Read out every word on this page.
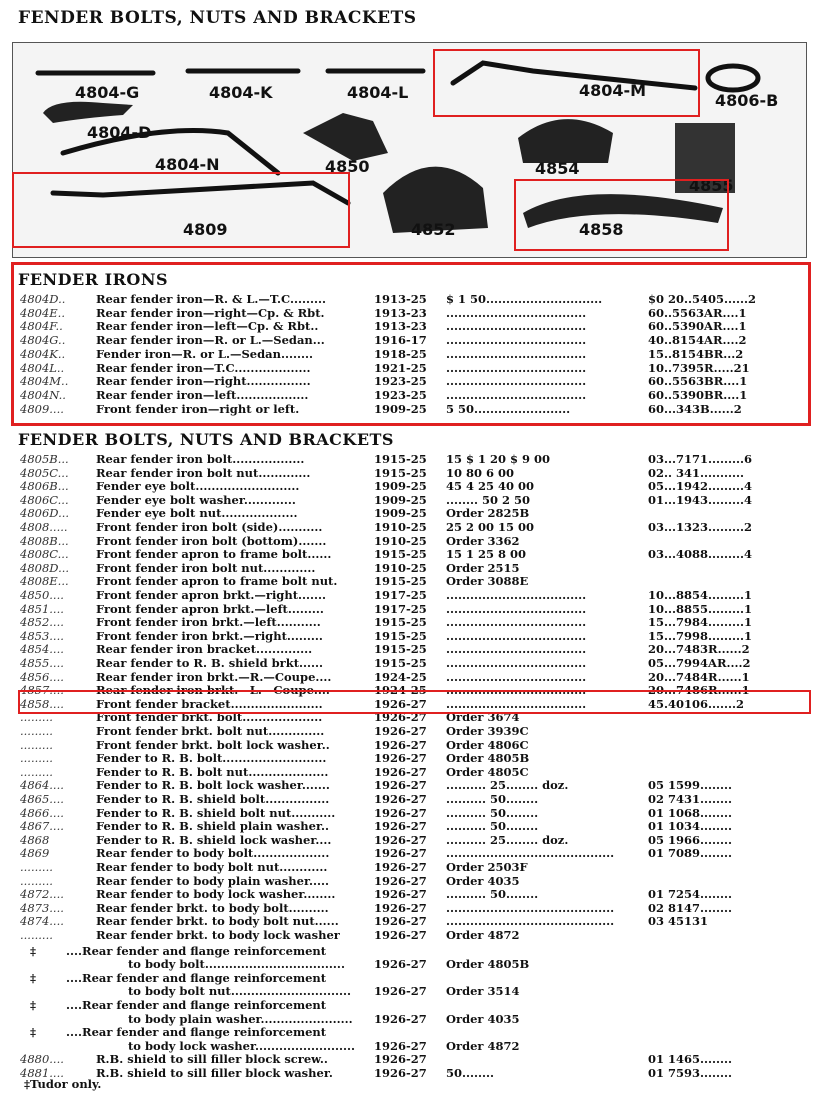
FENDER BOLTS, NUTS AND BRACKETS
4804-G	4804-K	4804-L	4804-M
4806-B
4804-D
4804-N	4850	4854
4855
4809	4852	4858
FENDER IRONS
4804D..	Rear fender iron—R. & L.—T.C.........	1913-25	$ 1 50.............................	$0 20..5405......2
4804E..	Rear fender iron—right—Cp. & Rbt.	1913-23	...................................	60..5563AR....1
4804F..	Rear fender iron—left—Cp. & Rbt..	1913-23	...................................	60..5390AR....1
4804G..	Rear fender iron—R. or L.—Sedan...	1916-17	...................................	40..8154AR....2
4804K..	Fender iron—R. or L.—Sedan........	1918-25	...................................	15..8154BR...2
4804L..	Rear fender iron—T.C...................	1921-25	...................................	10..7395R.....21
4804M..	Rear fender iron—right................	1923-25	...................................	60..5563BR....1
4804N..	Rear fender iron—left..................	1923-25	...................................	60..5390BR....1
4809....	Front fender iron—right or left.	1909-25	5 50........................	60...343B......2
FENDER BOLTS, NUTS AND BRACKETS
4805B...	Rear fender iron bolt..................	1915-25	15 $ 1 20 $ 9 00	03...7171.........6
4805C...	Rear fender iron bolt nut.............	1915-25	10 80 6 00	02.. 341...........
4806B...	Fender eye bolt..........................	1909-25	45 4 25 40 00	05...1942.........4
4806C...	Fender eye bolt washer.............	1909-25	........ 50 2 50	01...1943.........4
4806D...	Fender eye bolt nut...................	1909-25	Order 2825B
4808.....	Front fender iron bolt (side)...........	1910-25	25 2 00 15 00	03...1323.........2
4808B...	Front fender iron bolt (bottom).......	1910-25	Order 3362
4808C...	Front fender apron to frame bolt......	1915-25	15 1 25 8 00	03...4088.........4
4808D...	Front fender iron bolt nut.............	1910-25	Order 2515
4808E...	Front fender apron to frame bolt nut.	1915-25	Order 3088E
4850....	Front fender apron brkt.—right.......	1917-25	...................................	10...8854.........1
4851....	Front fender apron brkt.—left.........	1917-25	...................................	10...8855.........1
4852....	Front fender iron brkt.—left...........	1915-25	...................................	15...7984.........1
4853....	Front fender iron brkt.—right.........	1915-25	...................................	15...7998.........1
4854....	Rear fender iron bracket..............	1915-25	...................................	20...7483R......2
4855....	Rear fender to R. B. shield brkt......	1915-25	...................................	05...7994AR....2
4856....	Rear fender iron brkt.—R.—Coupe....	1924-25	...................................	20...7484R......1
4857....	Rear fender iron brkt.—L.—Coupe....	1924-25	...................................	20...7486R......1
4858....	Front fender bracket.......................	1926-27	...................................	45.40106.......2
.........	Front fender brkt. bolt....................	1926-27	Order 3674
.........	Front fender brkt. bolt nut..............	1926-27	Order 3939C
.........	Front fender brkt. bolt lock washer..	1926-27	Order 4806C
.........	Fender to R. B. bolt..........................	1926-27	Order 4805B
.........	Fender to R. B. bolt nut....................	1926-27	Order 4805C
4864....	Fender to R. B. bolt lock washer.......	1926-27	.......... 25........ doz.	05 1599........
4865....	Fender to R. B. shield bolt................	1926-27	.......... 50........	02 7431........
4866....	Fender to R. B. shield bolt nut...........	1926-27	.......... 50........	01 1068........
4867....	Fender to R. B. shield plain washer..	1926-27	.......... 50........	01 1034........
4868	Fender to R. B. shield lock washer....	1926-27	.......... 25........ doz.	05 1966........
4869	Rear fender to body bolt...................	1926-27	..........................................	01 7089........
.........	Rear fender to body bolt nut............	1926-27	Order 2503F
.........	Rear fender to body plain washer.....	1926-27	Order 4035
4872....	Rear fender to body lock washer........	1926-27	.......... 50........	01 7254........
4873....	Rear fender brkt. to body bolt..........	1926-27	..........................................	02 8147........
4874....	Rear fender brkt. to body bolt nut......	1926-27	..........................................	03 45131
.........	Rear fender brkt. to body lock washer	1926-27	Order 4872
‡	....Rear fender and flange reinforcement
to body bolt...................................	1926-27	Order 4805B
‡	....Rear fender and flange reinforcement
to body bolt nut..............................	1926-27	Order 3514
‡	....Rear fender and flange reinforcement
to body plain washer.......................	1926-27	Order 4035
‡	....Rear fender and flange reinforcement
to body lock washer.........................	1926-27	Order 4872
4880....	R.B. shield to sill filler block screw..	1926-27	01 1465........
4881....	R.B. shield to sill filler block washer.	1926-27	50........	01 7593........
‡Tudor only.
